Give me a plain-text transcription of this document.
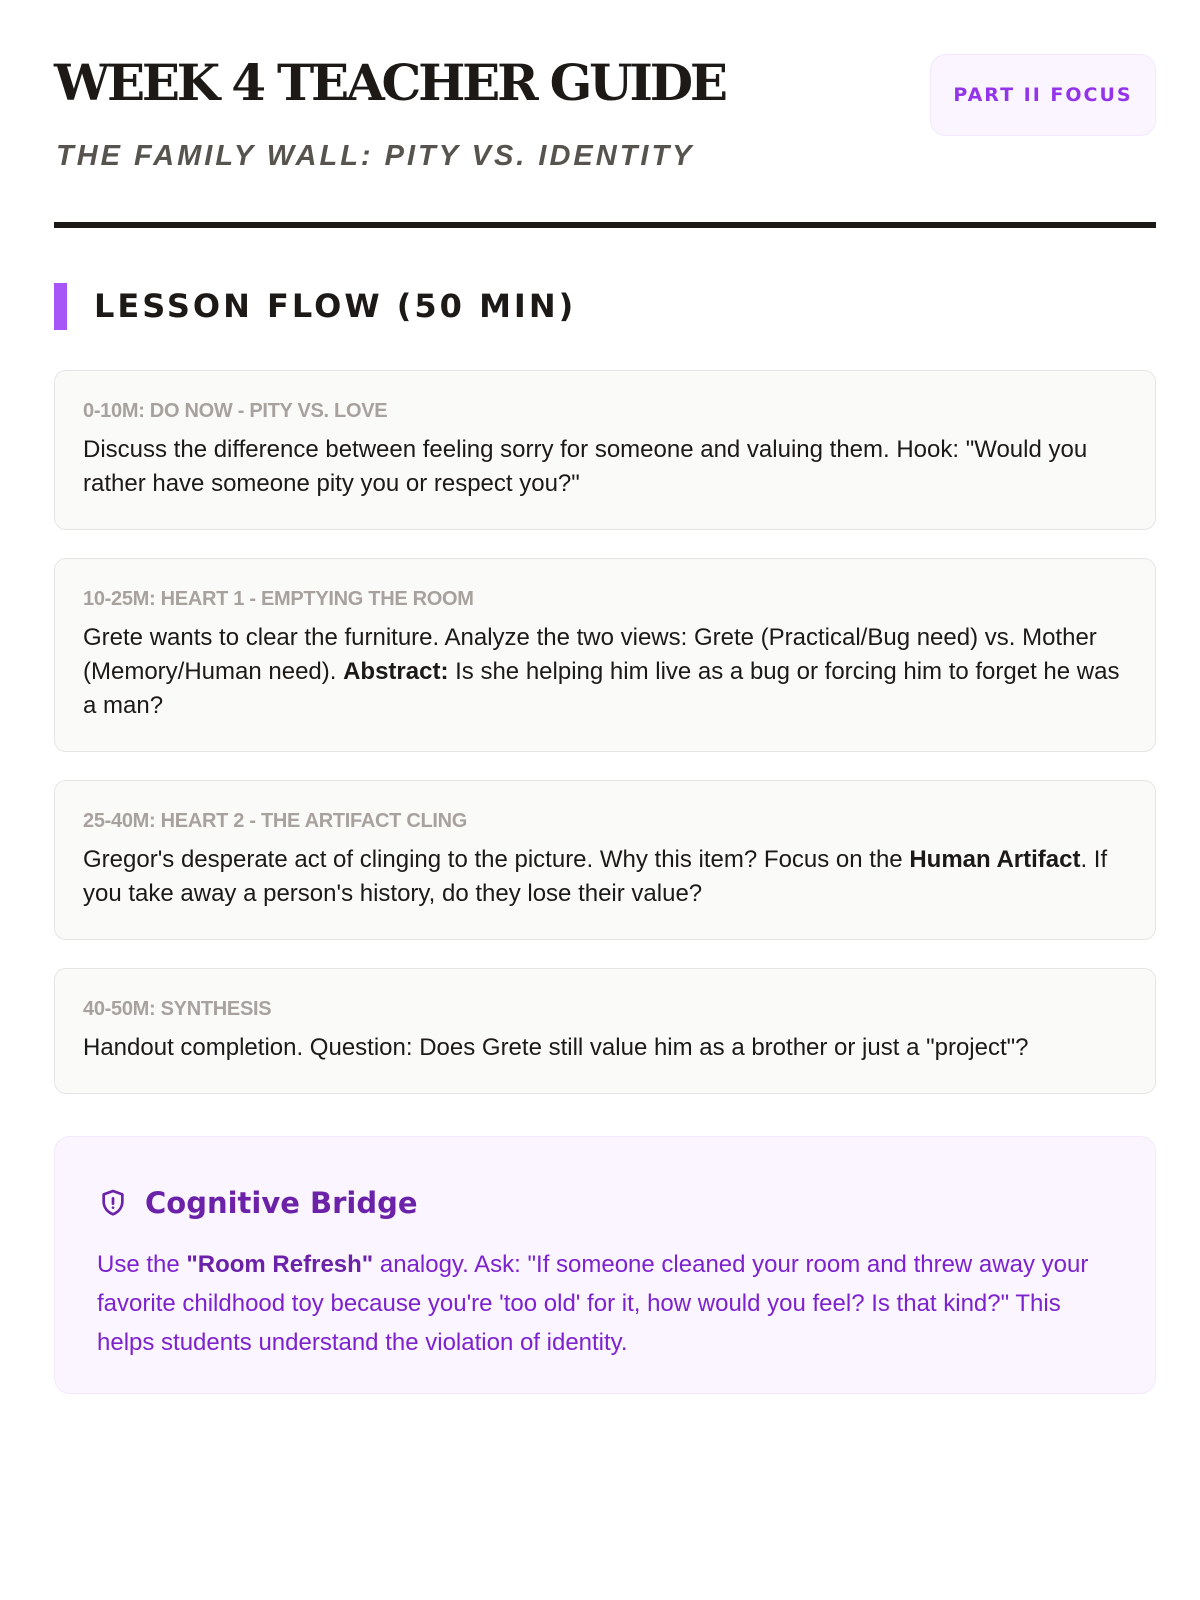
WEEK 4 TEACHER GUIDE
THE FAMILY WALL: PITY VS. IDENTITY
PART II FOCUS
LESSON FLOW (50 MIN)
0-10M: DO NOW - PITY VS. LOVE
Discuss the difference between feeling sorry for someone and valuing them. Hook: "Would you rather have someone pity you or respect you?"
10-25M: HEART 1 - EMPTYING THE ROOM
Grete wants to clear the furniture. Analyze the two views: Grete (Practical/Bug need) vs. Mother (Memory/Human need). Abstract: Is she helping him live as a bug or forcing him to forget he was a man?
25-40M: HEART 2 - THE ARTIFACT CLING
Gregor's desperate act of clinging to the picture. Why this item? Focus on the Human Artifact. If you take away a person's history, do they lose their value?
40-50M: SYNTHESIS
Handout completion. Question: Does Grete still value him as a brother or just a "project"?
Cognitive Bridge
Use the "Room Refresh" analogy. Ask: "If someone cleaned your room and threw away your favorite childhood toy because you're 'too old' for it, how would you feel? Is that kind?" This helps students understand the violation of identity.
